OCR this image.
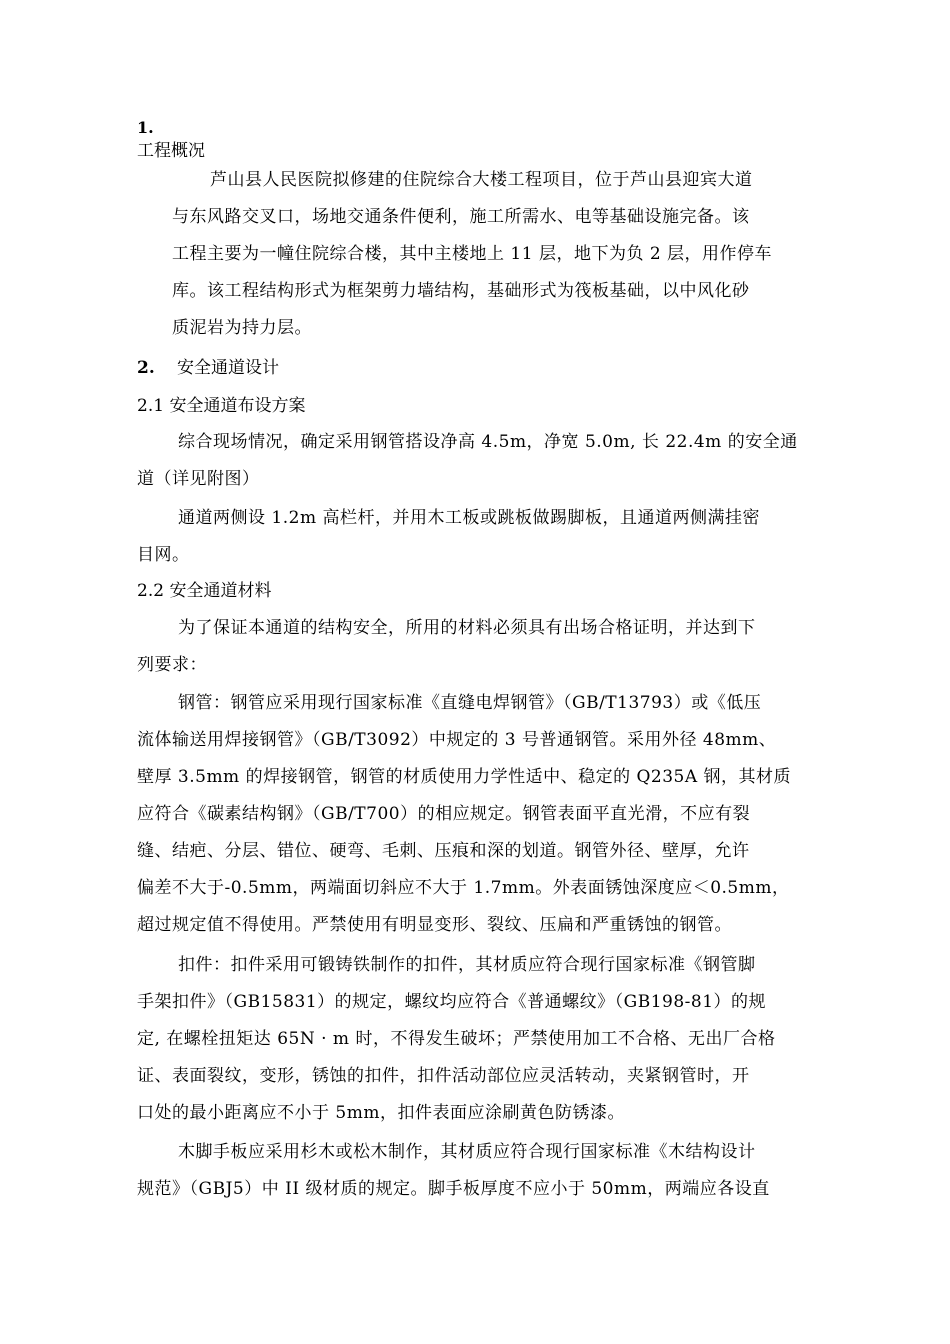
1.
工程概况
芦山县人民医院拟修建的住院综合大楼工程项目，位于芦山县迎宾大道
与东风路交叉口，场地交通条件便利，施工所需水、电等基础设施完备。该
工程主要为一幢住院综合楼，其中主楼地上 11 层，地下为负 2 层，用作停车
库。该工程结构形式为框架剪力墙结构，基础形式为筏板基础，以中风化砂
质泥岩为持力层。
2. 安全通道设计
2.1 安全通道布设方案
综合现场情况，确定采用钢管搭设净高 4.5m，净宽 5.0m, 长 22.4m 的安全通
道（详见附图）
通道两侧设 1.2m 高栏杆，并用木工板或跳板做踢脚板，且通道两侧满挂密
目网。
2.2 安全通道材料
为了保证本通道的结构安全，所用的材料必须具有出场合格证明，并达到下
列要求：
钢管：钢管应采用现行国家标准《直缝电焊钢管》（GB/T13793）或《低压
流体输送用焊接钢管》（GB/T3092）中规定的 3 号普通钢管。采用外径 48mm、
壁厚 3.5mm 的焊接钢管，钢管的材质使用力学性适中、稳定的 Q235A 钢，其材质
应符合《碳素结构钢》（GB/T700）的相应规定。钢管表面平直光滑，不应有裂
缝、结疤、分层、错位、硬弯、毛刺、压痕和深的划道。钢管外径、壁厚，允许
偏差不大于-0.5mm，两端面切斜应不大于 1.7mm。外表面锈蚀深度应＜0.5mm，
超过规定值不得使用。严禁使用有明显变形、裂纹、压扁和严重锈蚀的钢管。
扣件：扣件采用可锻铸铁制作的扣件，其材质应符合现行国家标准《钢管脚
手架扣件》（GB15831）的规定，螺纹均应符合《普通螺纹》（GB198-81）的规
定, 在螺栓扭矩达 65N · m 时，不得发生破坏；严禁使用加工不合格、无出厂合格
证、表面裂纹，变形，锈蚀的扣件，扣件活动部位应灵活转动，夹紧钢管时，开
口处的最小距离应不小于 5mm，扣件表面应涂刷黄色防锈漆。
木脚手板应采用杉木或松木制作，其材质应符合现行国家标准《木结构设计
规范》（GBJ5）中 II 级材质的规定。脚手板厚度不应小于 50mm，两端应各设直
